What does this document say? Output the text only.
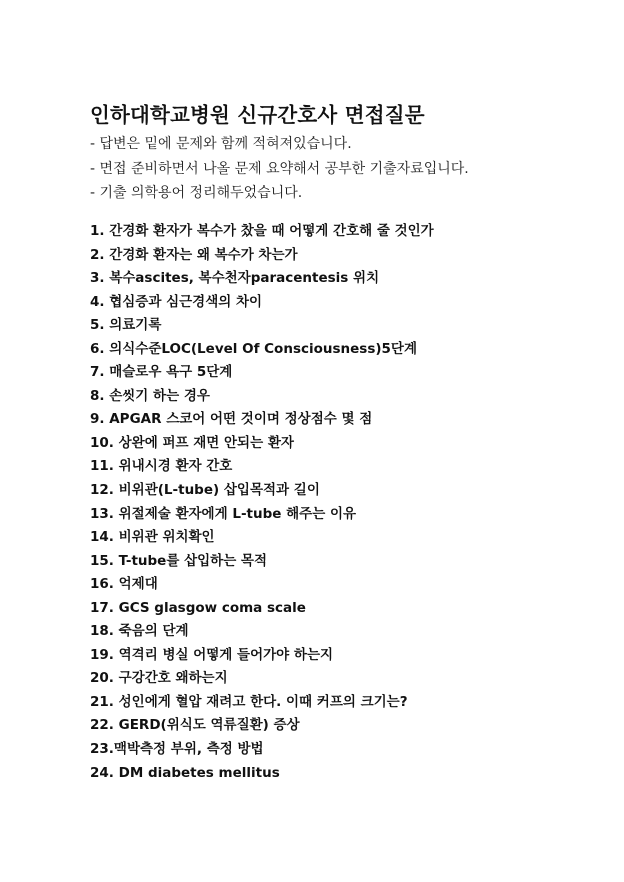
인하대학교병원 신규간호사 면접질문
- 답변은 밑에 문제와 함께 적혀져있습니다.
- 면접 준비하면서 나올 문제 요약해서 공부한 기출자료입니다.
- 기출 의학용어 정리해두었습니다.
1. 간경화 환자가 복수가 찼을 때 어떻게 간호해 줄 것인가
2. 간경화 환자는 왜 복수가 차는가
3. 복수ascites, 복수천자paracentesis 위치
4. 협심증과 심근경색의 차이
5. 의료기록
6. 의식수준LOC(Level Of Consciousness)5단계
7. 매슬로우 욕구 5단계
8. 손씻기 하는 경우
9. APGAR 스코어 어떤 것이며 정상점수 몇 점
10. 상완에 퍼프 재면 안되는 환자
11. 위내시경 환자 간호
12. 비위관(L-tube) 삽입목적과 길이
13. 위절제술 환자에게 L-tube 해주는 이유
14. 비위관 위치확인
15. T-tube를 삽입하는 목적
16. 억제대
17. GCS glasgow coma scale
18. 죽음의 단계
19. 역격리 병실 어떻게 들어가야 하는지
20. 구강간호 왜하는지
21. 성인에게 혈압 재려고 한다. 이때 커프의 크기는?
22. GERD(위식도 역류질환) 증상
23.맥박측정 부위, 측정 방법
24. DM diabetes mellitus
